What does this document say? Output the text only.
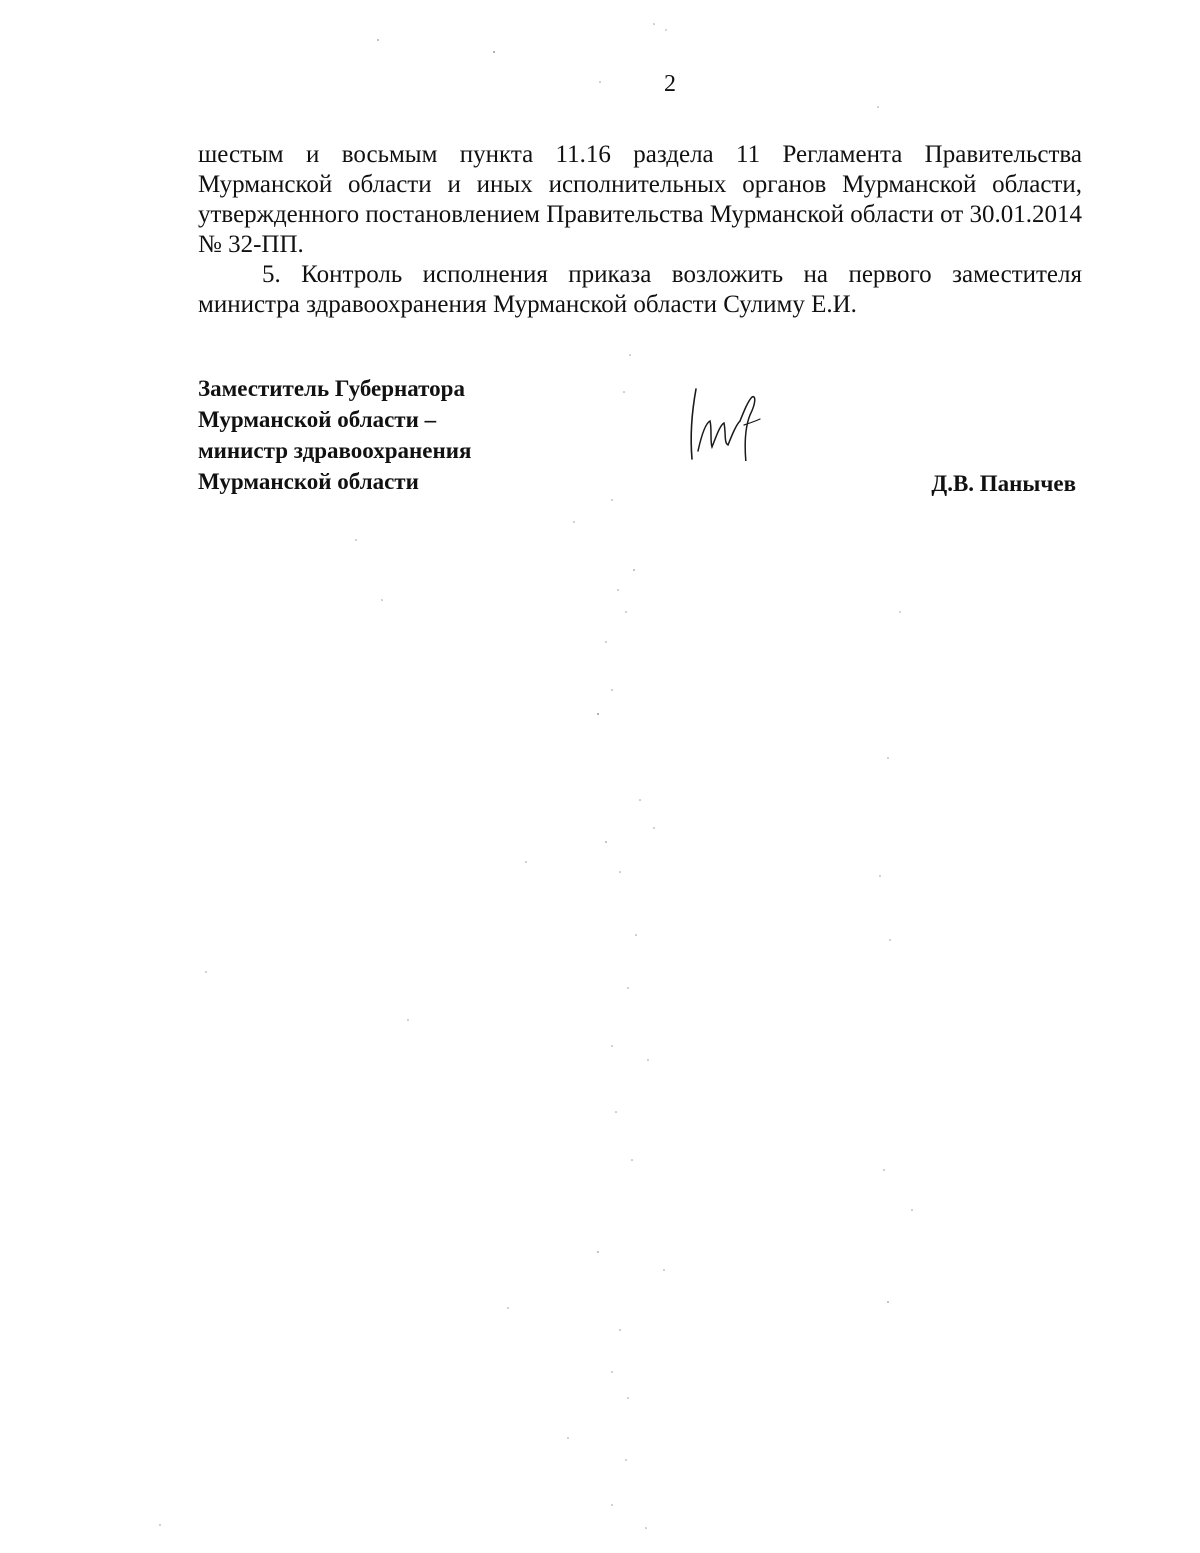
2

шестым и восьмым пункта 11.16 раздела 11 Регламента Правительства Мурманской области и иных исполнительных органов Мурманской области, утвержденного постановлением Правительства Мурманской области от 30.01.2014 № 32-ПП.

5. Контроль исполнения приказа возложить на первого заместителя министра здравоохранения Мурманской области Сулиму Е.И.

Заместитель Губернатора
Мурманской области –
министр здравоохранения
Мурманской области	Д.В. Панычев
